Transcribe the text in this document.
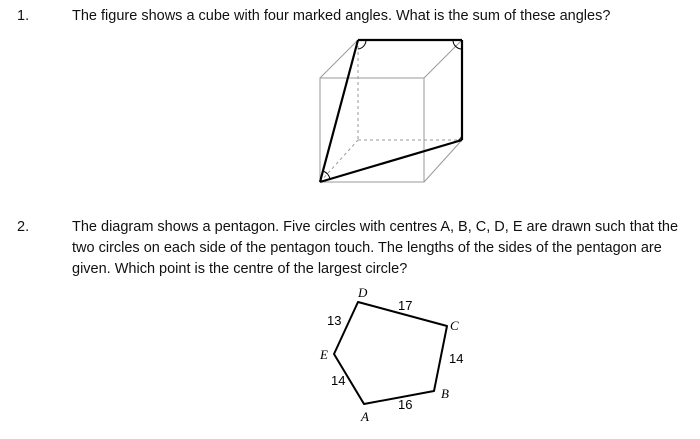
1.	The figure shows a cube with four marked angles. What is the sum of these angles?
2.	The diagram shows a pentagon. Five circles with centres A, B, C, D, E are drawn such that the
two circles on each side of the pentagon touch. The lengths of the sides of the pentagon are
given. Which point is the centre of the largest circle?
D
C
B
A
E
17
14
16
14
13
